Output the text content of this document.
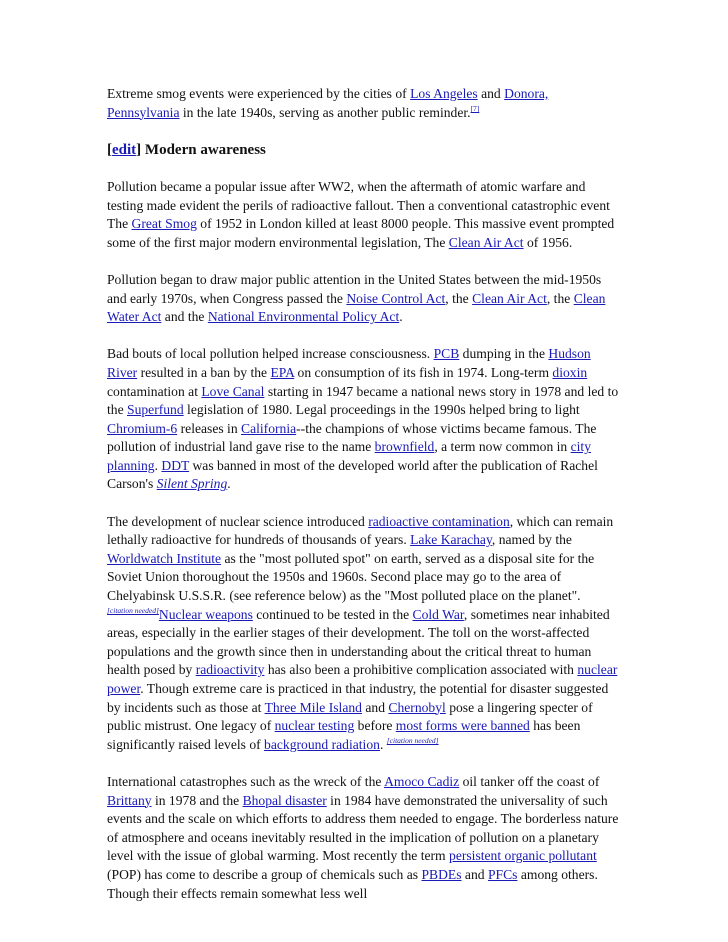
Extreme smog events were experienced by the cities of Los Angeles and Donora, Pennsylvania in the late 1940s, serving as another public reminder.[7]

[edit] Modern awareness

Pollution became a popular issue after WW2, when the aftermath of atomic warfare and testing made evident the perils of radioactive fallout. Then a conventional catastrophic event The Great Smog of 1952 in London killed at least 8000 people. This massive event prompted some of the first major modern environmental legislation, The Clean Air Act of 1956.

Pollution began to draw major public attention in the United States between the mid-1950s and early 1970s, when Congress passed the Noise Control Act, the Clean Air Act, the Clean Water Act and the National Environmental Policy Act.

Bad bouts of local pollution helped increase consciousness. PCB dumping in the Hudson River resulted in a ban by the EPA on consumption of its fish in 1974. Long-term dioxin contamination at Love Canal starting in 1947 became a national news story in 1978 and led to the Superfund legislation of 1980. Legal proceedings in the 1990s helped bring to light Chromium-6 releases in California--the champions of whose victims became famous. The pollution of industrial land gave rise to the name brownfield, a term now common in city planning. DDT was banned in most of the developed world after the publication of Rachel Carson's Silent Spring.

The development of nuclear science introduced radioactive contamination, which can remain lethally radioactive for hundreds of thousands of years. Lake Karachay, named by the Worldwatch Institute as the "most polluted spot" on earth, served as a disposal site for the Soviet Union thoroughout the 1950s and 1960s. Second place may go to the area of Chelyabinsk U.S.S.R. (see reference below) as the "Most polluted place on the planet".
[citation needed]Nuclear weapons continued to be tested in the Cold War, sometimes near inhabited areas, especially in the earlier stages of their development. The toll on the worst-affected populations and the growth since then in understanding about the critical threat to human health posed by radioactivity has also been a prohibitive complication associated with nuclear power. Though extreme care is practiced in that industry, the potential for disaster suggested by incidents such as those at Three Mile Island and Chernobyl pose a lingering specter of public mistrust. One legacy of nuclear testing before most forms were banned has been significantly raised levels of background radiation. [citation needed]

International catastrophes such as the wreck of the Amoco Cadiz oil tanker off the coast of Brittany in 1978 and the Bhopal disaster in 1984 have demonstrated the universality of such events and the scale on which efforts to address them needed to engage. The borderless nature of atmosphere and oceans inevitably resulted in the implication of pollution on a planetary level with the issue of global warming. Most recently the term persistent organic pollutant (POP) has come to describe a group of chemicals such as PBDEs and PFCs among others. Though their effects remain somewhat less well
